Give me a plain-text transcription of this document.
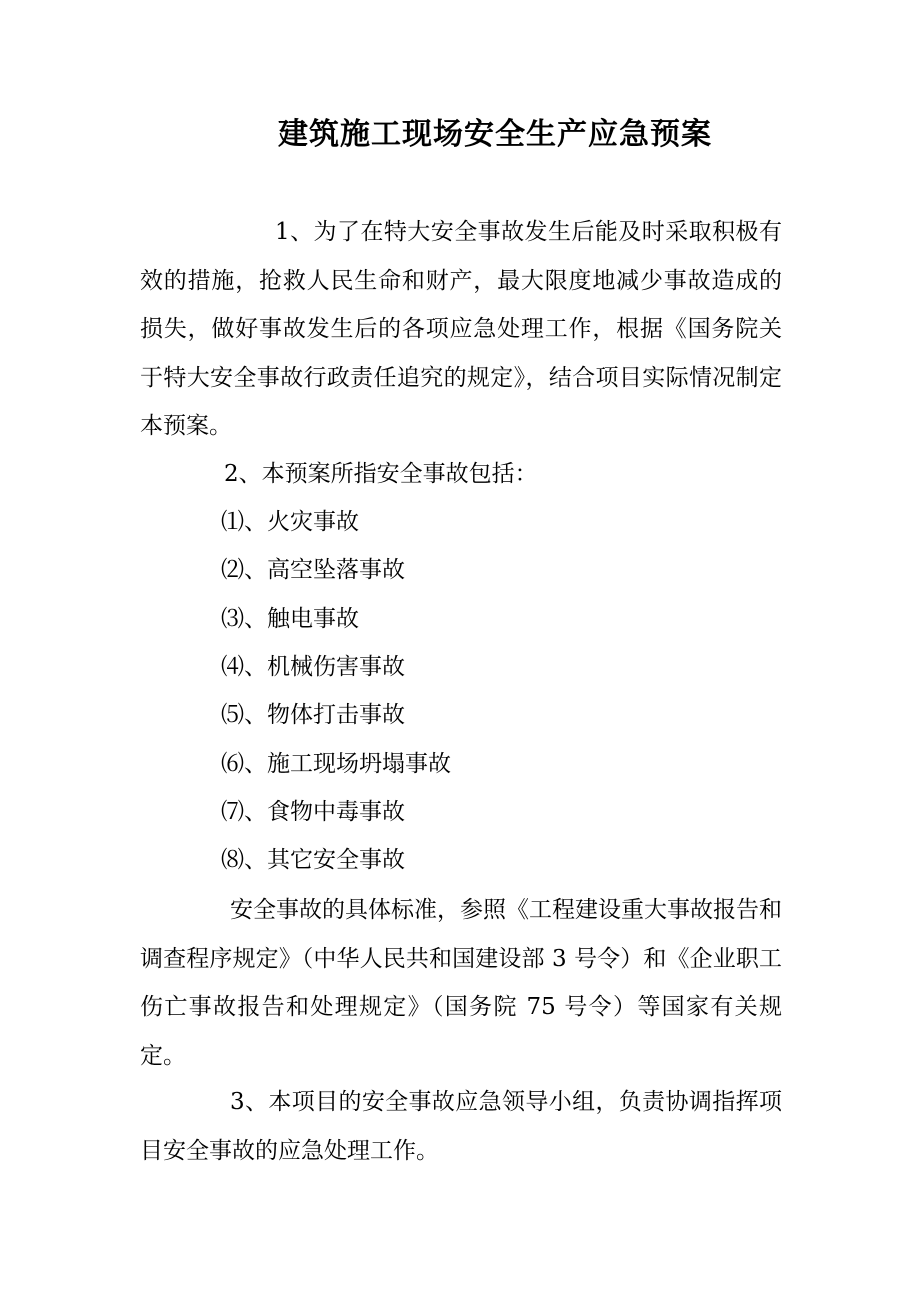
建筑施工现场安全生产应急预案
1、为了在特大安全事故发生后能及时采取积极有效的措施，抢救人民生命和财产，最大限度地减少事故造成的损失，做好事故发生后的各项应急处理工作，根据《国务院关于特大安全事故行政责任追究的规定》，结合项目实际情况制定本预案。
2、本预案所指安全事故包括：
⑴、火灾事故
⑵、高空坠落事故
⑶、触电事故
⑷、机械伤害事故
⑸、物体打击事故
⑹、施工现场坍塌事故
⑺、食物中毒事故
⑻、其它安全事故
安全事故的具体标准，参照《工程建设重大事故报告和调查程序规定》（中华人民共和国建设部 3 号令）和《企业职工伤亡事故报告和处理规定》（国务院 75 号令）等国家有关规定。
3、本项目的安全事故应急领导小组，负责协调指挥项目安全事故的应急处理工作。
